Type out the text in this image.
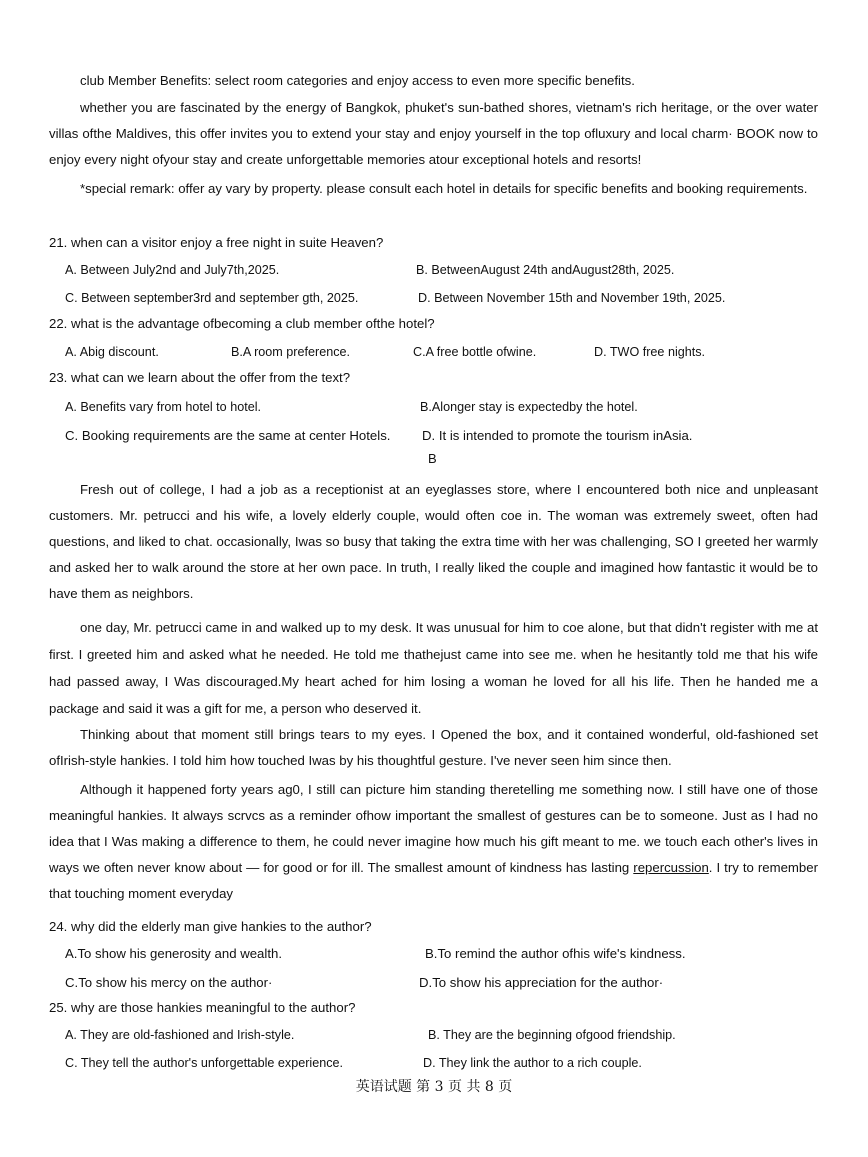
club Member Benefits: select room categories and enjoy access to even more specific benefits.
whether you are fascinated by the energy of Bangkok, phuket's sun-bathed shores, vietnam's rich heritage, or the over water villas ofthe Maldives, this offer invites you to extend your stay and enjoy yourself in the top ofluxury and local charm· BOOK now to enjoy every night ofyour stay and create unforgettable memories atour exceptional hotels and resorts!
*special remark: offer ay vary by property. please consult each hotel in details for specific benefits and booking requirements.
21. when can a visitor enjoy a free night in suite Heaven?
A. Between July2nd and July7th,2025.	B. BetweenAugust 24th andAugust28th, 2025.
C. Between september3rd and september gth, 2025.	D. Between November 15th and November 19th, 2025.
22. what is the advantage ofbecoming a club member ofthe hotel?
A. Abig discount.	B.A room preference.	C.A free bottle ofwine.	D. TWO free nights.
23. what can we learn about the offer from the text?
A. Benefits vary from hotel to hotel.	B.Alonger stay is expectedby the hotel.
C. Booking requirements are the same at center Hotels. D. It is intended to promote the tourism inAsia.
B
Fresh out of college, I had a job as a receptionist at an eyeglasses store, where I encountered both nice and unpleasant customers. Mr. petrucci and his wife, a lovely elderly couple, would often coe in. The woman was extremely sweet, often had questions, and liked to chat. occasionally, Iwas so busy that taking the extra time with her was challenging, SO I greeted her warmly and asked her to walk around the store at her own pace. In truth, I really liked the couple and imagined how fantastic it would be to have them as neighbors.
one day, Mr. petrucci came in and walked up to my desk. It was unusual for him to coe alone, but that didn't register with me at first. I greeted him and asked what he needed. He told me thathejust came into see me. when he hesitantly told me that his wife had passed away, I Was discouraged.My heart ached for him losing a woman he loved for all his life. Then he handed me a package and said it was a gift for me, a person who deserved it.
Thinking about that moment still brings tears to my eyes. I Opened the box, and it contained wonderful, old-fashioned set ofIrish-style hankies. I told him how touched Iwas by his thoughtful gesture. I've never seen him since then.
Although it happened forty years ag0, I still can picture him standing theretelling me something now. I still have one of those meaningful hankies. It always scrvcs as a reminder ofhow important the smallest of gestures can be to someone. Just as I had no idea that I Was making a difference to them, he could never imagine how much his gift meant to me. we touch each other's lives in ways we often never know about — for good or for ill. The smallest amount of kindness has lasting repercussion. I try to remember that touching moment everyday
24. why did the elderly man give hankies to the author?
A.To show his generosity and wealth.	B.To remind the author ofhis wife's kindness.
C.To show his mercy on the author·	D.To show his appreciation for the author·
25. why are those hankies meaningful to the author?
A. They are old-fashioned and Irish-style.	B. They are the beginning ofgood friendship.
C. They tell the author's unforgettable experience.	D. They link the author to a rich couple.
英语试题 第 3 页 共 8 页
